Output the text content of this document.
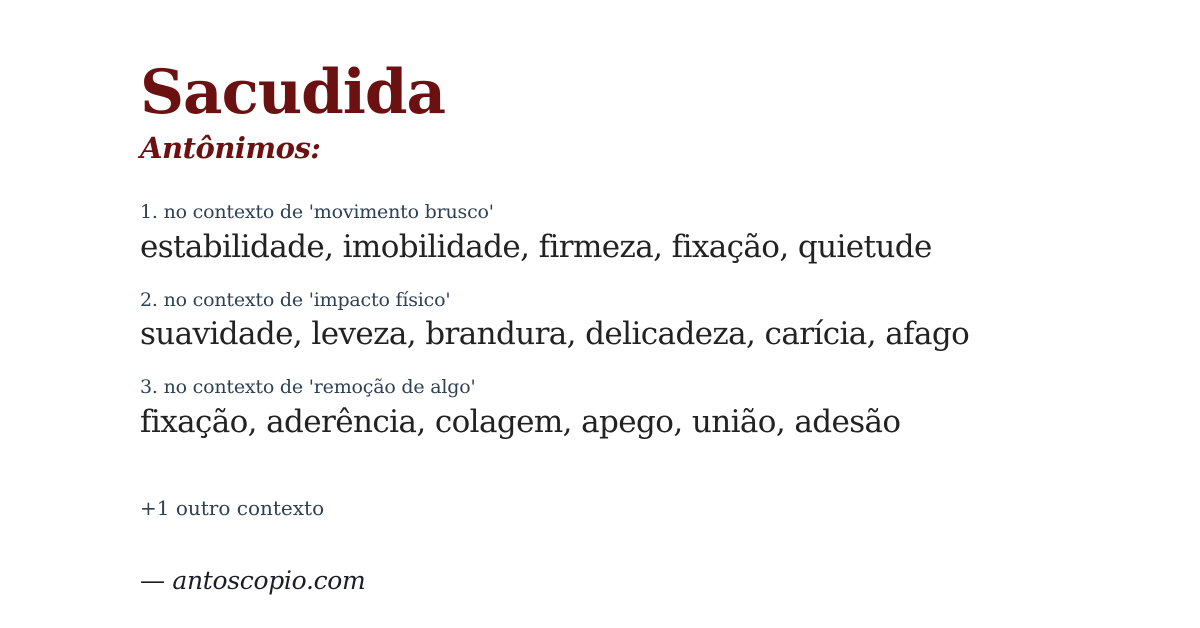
Sacudida
Antônimos:
1. no contexto de 'movimento brusco'
estabilidade, imobilidade, firmeza, fixação, quietude
2. no contexto de 'impacto físico'
suavidade, leveza, brandura, delicadeza, carícia, afago
3. no contexto de 'remoção de algo'
fixação, aderência, colagem, apego, união, adesão
+1 outro contexto
— antoscopio.com
